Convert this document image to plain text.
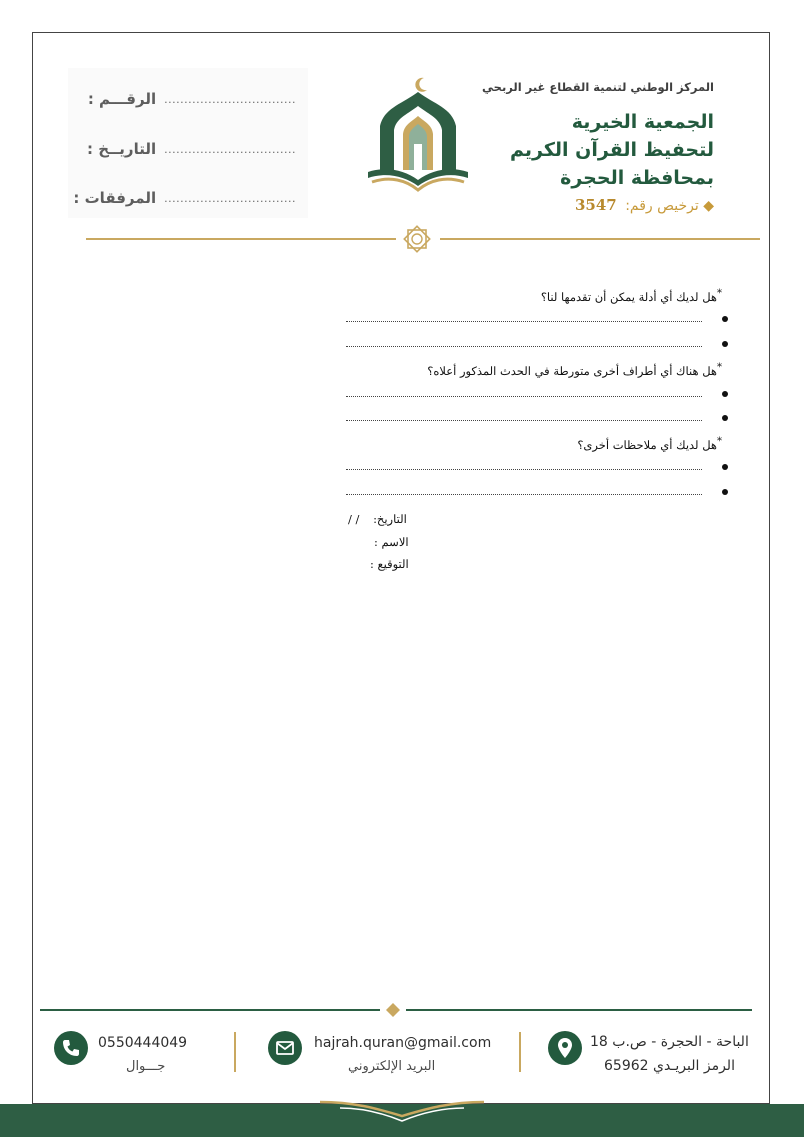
الرقـــم : .................................
التاريــخ : .................................
المرفقات : .................................
المركز الوطني لتنمية القطاع غير الربحي
الجمعية الخيرية
لتحفيظ القرآن الكريم
بمحافظة الحجرة
◆ ترخيص رقم: 3547
*هل لديك أي أدلة يمكن أن تقدمها لنا؟
*هل هناك أي أطراف أخرى متورطة في الحدث المذكور أعلاه؟
*هل لديك أي ملاحظات أخرى؟
التاريخ: / /
الاسم :
التوقيع :
0550444049
جـــوال
hajrah.quran@gmail.com
البريد الإلكتروني
الباحة - الحجرة - ص.ب 18
الرمز البريـدي 65962
